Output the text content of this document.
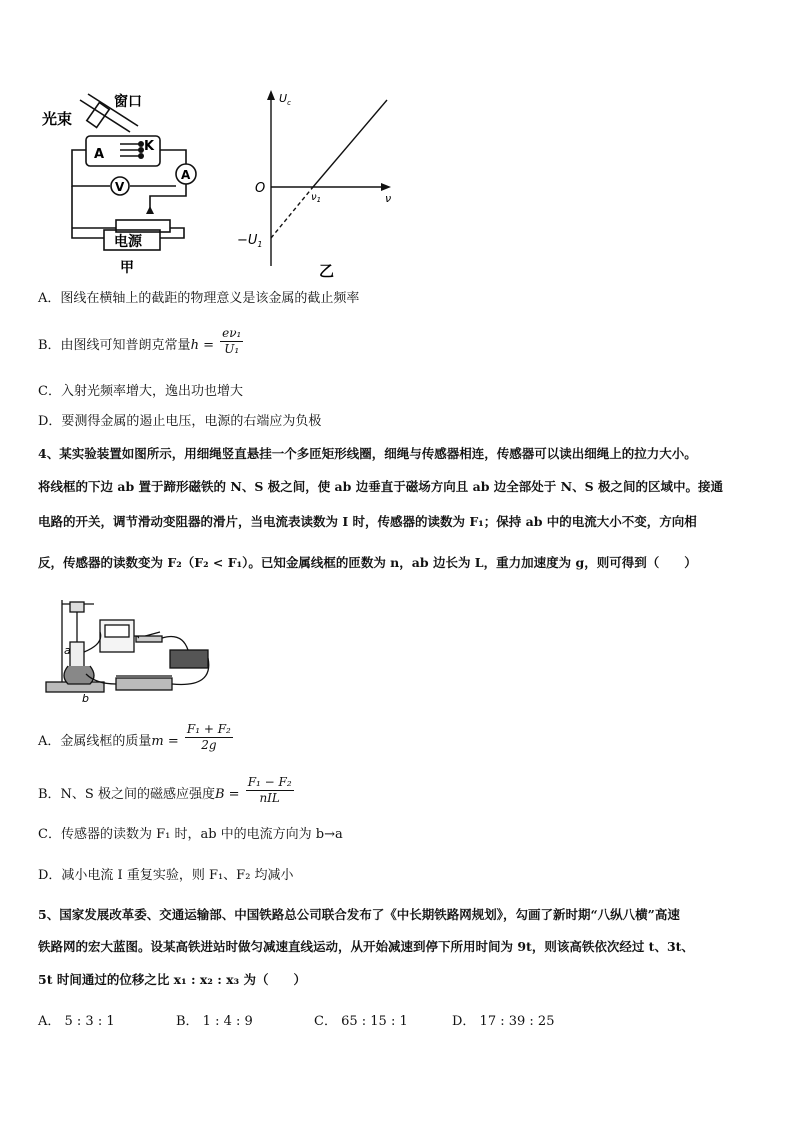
光束
窗口
A
K
V
A
电源
甲
$U_c$
O
ν
$\nu_1$
$-U_1$
乙
A．图线在横轴上的截距的物理意义是该金属的截止频率
B．由图线可知普朗克常量$h = \frac{\text{eν₁}}{\text{U₁}}$
C．入射光频率增大，逸出功也增大
D．要测得金属的遏止电压，电源的右端应为负极
4、某实验装置如图所示，用细绳竖直悬挂一个多匝矩形线圈，细绳与传感器相连，传感器可以读出细绳上的拉力大小。
将线框的下边 ab 置于蹄形磁铁的 N、S 极之间，使 ab 边垂直于磁场方向且 ab 边全部处于 N、S 极之间的区域中。接通
电路的开关，调节滑动变阻器的滑片，当电流表读数为 I 时，传感器的读数为 F₁；保持 ab 中的电流大小不变，方向相
反，传感器的读数变为 F₂（F₂ < F₁）。已知金属线框的匝数为 n，ab 边长为 L，重力加速度为 g，则可得到（　　）
a
b
A．金属线框的质量$m = \frac{\text{F₁ + F₂}}{2g}$
B．N、S 极之间的磁感应强度$B = \frac{\text{F₁ − F₂}}{\text{nIL}}$
C．传感器的读数为 F₁ 时，ab 中的电流方向为 b→a
D．减小电流 I 重复实验，则 F₁、F₂ 均减小
5、国家发展改革委、交通运输部、中国铁路总公司联合发布了《中长期铁路网规划》，勾画了新时期“八纵八横”高速
铁路网的宏大蓝图。设某高铁进站时做匀减速直线运动，从开始减速到停下所用时间为 9t，则该高铁依次经过 t、3t、
5t 时间通过的位移之比 x₁ : x₂ : x₃ 为（　　）
A． 5 : 3 : 1	B． 1 : 4 : 9	C． 65 : 15 : 1	D． 17 : 39 : 25
